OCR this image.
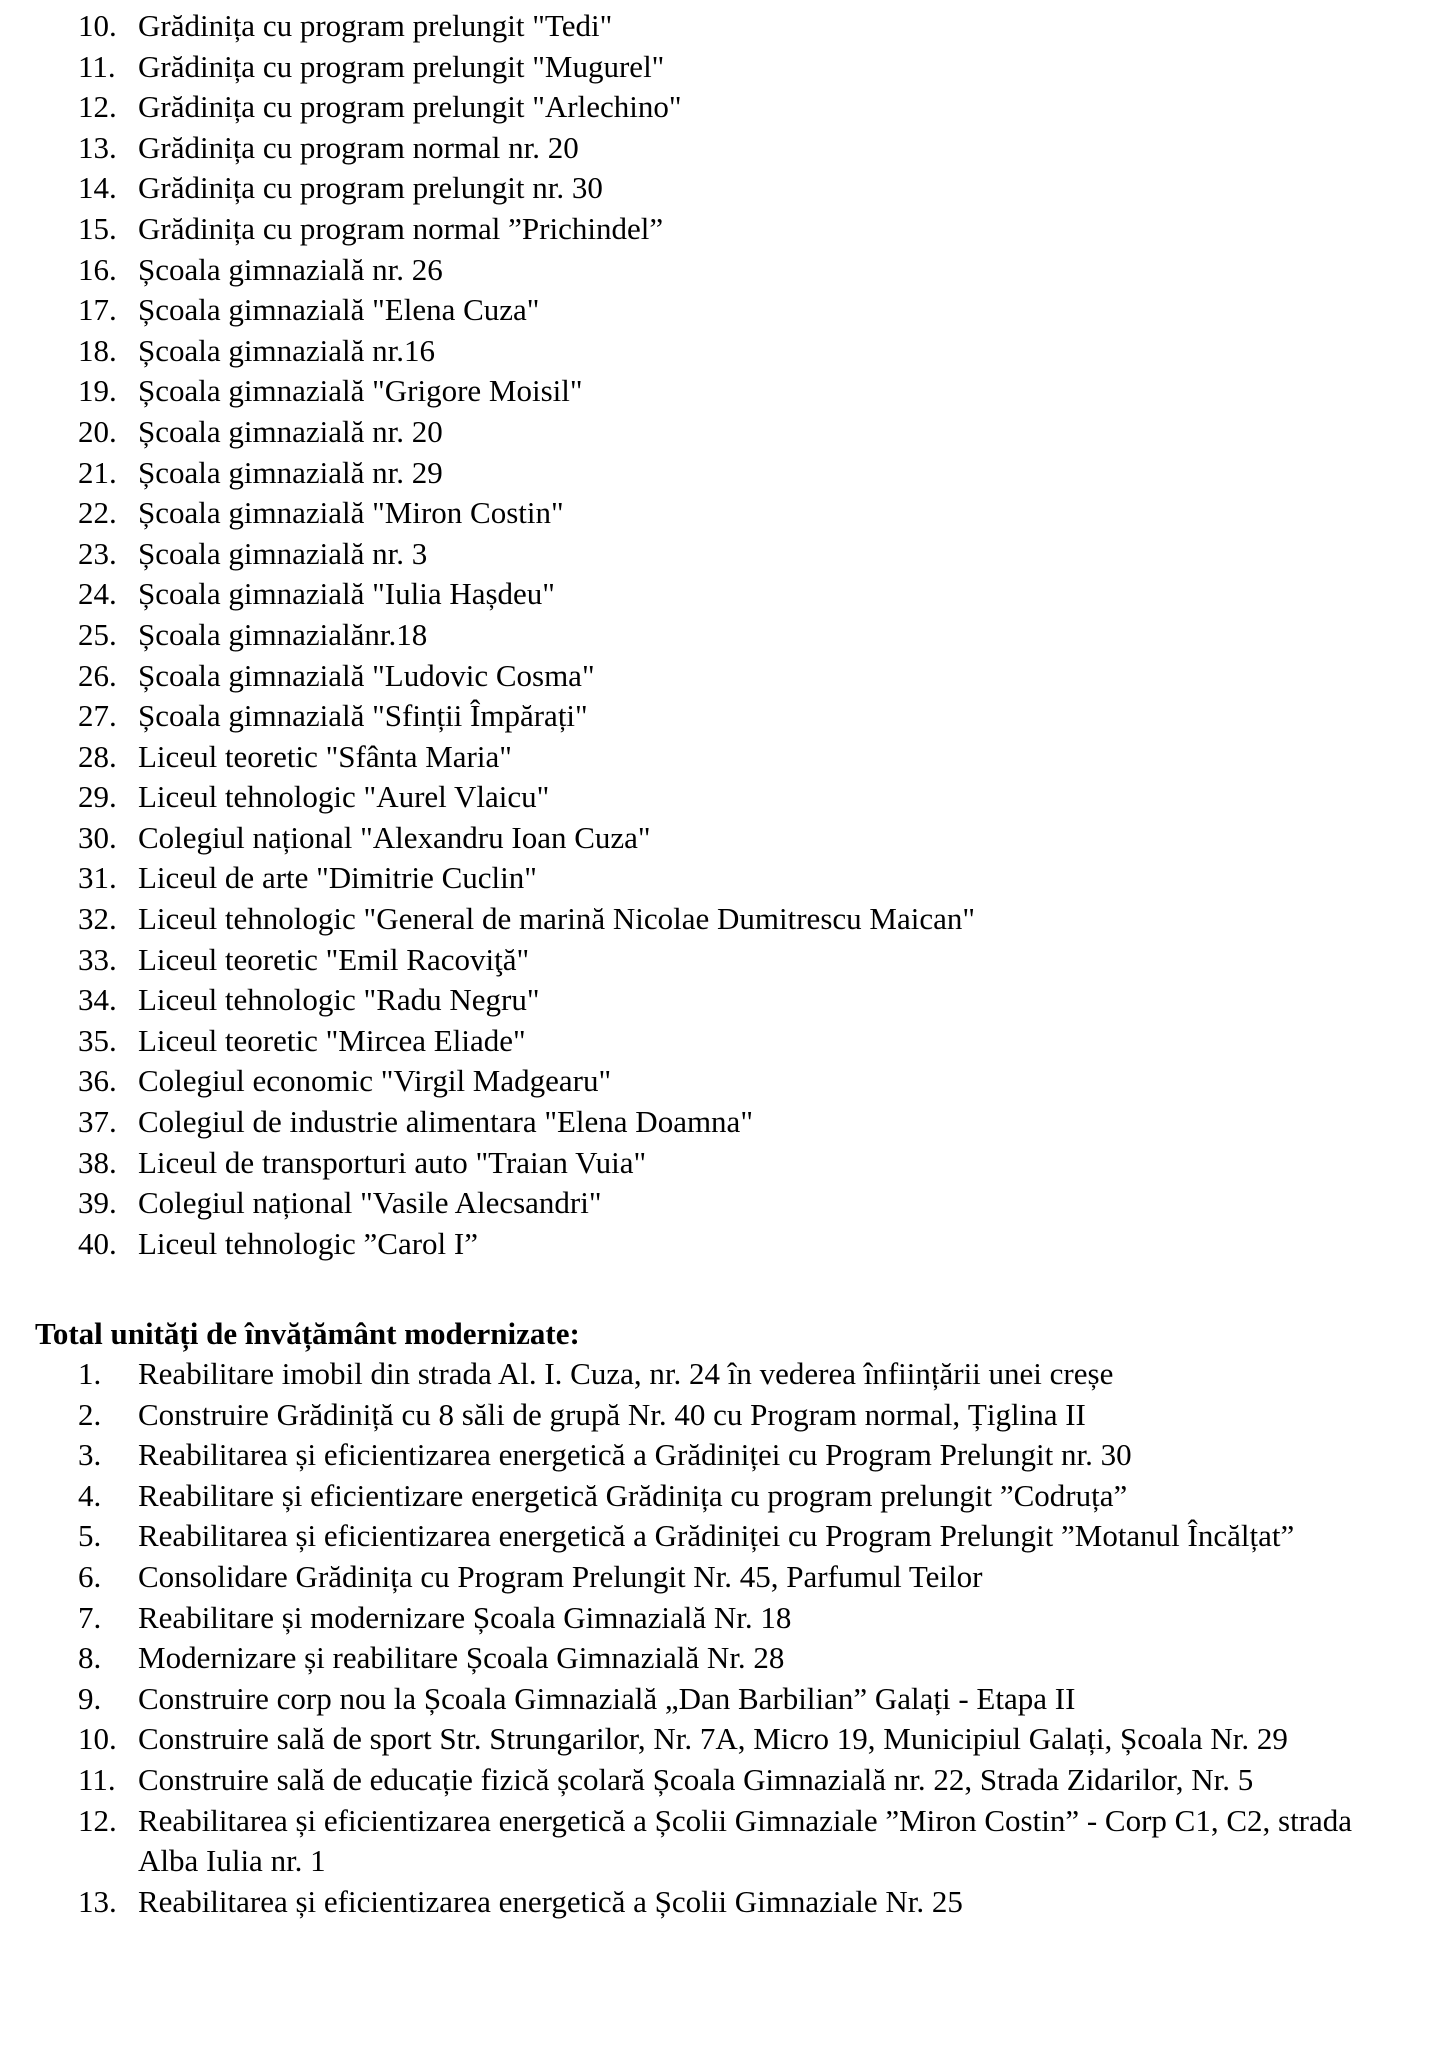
10. Grădinița cu program prelungit "Tedi"
11. Grădinița cu program prelungit "Mugurel"
12. Grădinița cu program prelungit "Arlechino"
13. Grădinița cu program normal nr. 20
14. Grădinița cu program prelungit nr. 30
15. Grădinița cu program normal ”Prichindel”
16. Școala gimnazială nr. 26
17. Școala gimnazială "Elena Cuza"
18. Școala gimnazială nr.16
19. Școala gimnazială "Grigore Moisil"
20. Școala gimnazială nr. 20
21. Școala gimnazială nr. 29
22. Școala gimnazială "Miron Costin"
23. Școala gimnazială nr. 3
24. Școala gimnazială "Iulia Hașdeu"
25. Școala gimnazialănr.18
26. Școala gimnazială "Ludovic Cosma"
27. Școala gimnazială "Sfinții Împărați"
28. Liceul teoretic "Sfânta Maria"
29. Liceul tehnologic "Aurel Vlaicu"
30. Colegiul național "Alexandru Ioan Cuza"
31. Liceul de arte "Dimitrie Cuclin"
32. Liceul tehnologic "General de marină Nicolae Dumitrescu Maican"
33. Liceul teoretic "Emil Racoviţă"
34. Liceul tehnologic "Radu Negru"
35. Liceul teoretic "Mircea Eliade"
36. Colegiul economic "Virgil Madgearu"
37. Colegiul de industrie alimentara "Elena Doamna"
38. Liceul de transporturi auto "Traian Vuia"
39. Colegiul național "Vasile Alecsandri"
40. Liceul tehnologic ”Carol I”

Total unități de învățământ modernizate:

1.	Reabilitare imobil din strada Al. I. Cuza, nr. 24 în vederea înființării unei creșe
2.	Construire Grădiniță cu 8 săli de grupă Nr. 40 cu Program normal, Țiglina II
3.	Reabilitarea și eficientizarea energetică a Grădiniței cu Program Prelungit nr. 30
4.	Reabilitare și eficientizare energetică Grădinița cu program prelungit ”Codruța”
5.	Reabilitarea și eficientizarea energetică a Grădiniței cu Program Prelungit ”Motanul Încălțat”
6.	Consolidare Grădinița cu Program Prelungit Nr. 45, Parfumul Teilor
7.	Reabilitare și modernizare Școala Gimnazială Nr. 18
8.	Modernizare și reabilitare Școala Gimnazială Nr. 28
9.	Construire corp nou la Școala Gimnazială „Dan Barbilian” Galați - Etapa II
10. Construire sală de sport Str. Strungarilor, Nr. 7A, Micro 19, Municipiul Galați, Școala Nr. 29
11. Construire sală de educație fizică școlară Școala Gimnazială nr. 22, Strada Zidarilor, Nr. 5
12. Reabilitarea și eficientizarea energetică a Școlii Gimnaziale ”Miron Costin” - Corp C1, C2, strada Alba Iulia nr. 1
13. Reabilitarea și eficientizarea energetică a Școlii Gimnaziale Nr. 25
